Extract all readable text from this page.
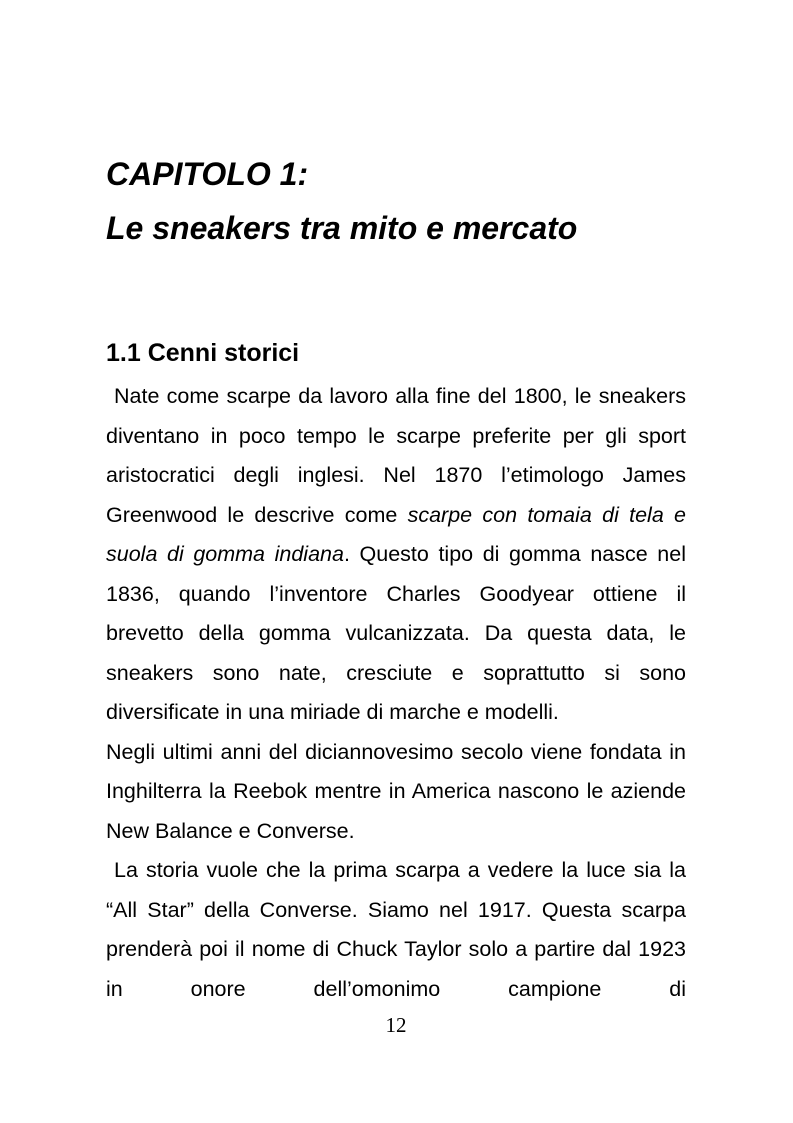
CAPITOLO 1:
Le sneakers tra mito e mercato
1.1 Cenni storici

Nate come scarpe da lavoro alla fine del 1800, le sneakers diventano in poco tempo le scarpe preferite per gli sport aristocratici degli inglesi. Nel 1870 l’etimologo James Greenwood le descrive come scarpe con tomaia di tela e suola di gomma indiana. Questo tipo di gomma nasce nel 1836, quando l’inventore Charles Goodyear ottiene il brevetto della gomma vulcanizzata. Da questa data, le sneakers sono nate, cresciute e soprattutto si sono diversificate in una miriade di marche e modelli.

Negli ultimi anni del diciannovesimo secolo viene fondata in Inghilterra la Reebok mentre in America nascono le aziende New Balance e Converse.

La storia vuole che la prima scarpa a vedere la luce sia la “All Star” della Converse. Siamo nel 1917. Questa scarpa prenderà poi il nome di Chuck Taylor solo a partire dal 1923 in onore dell’omonimo campione di

12
